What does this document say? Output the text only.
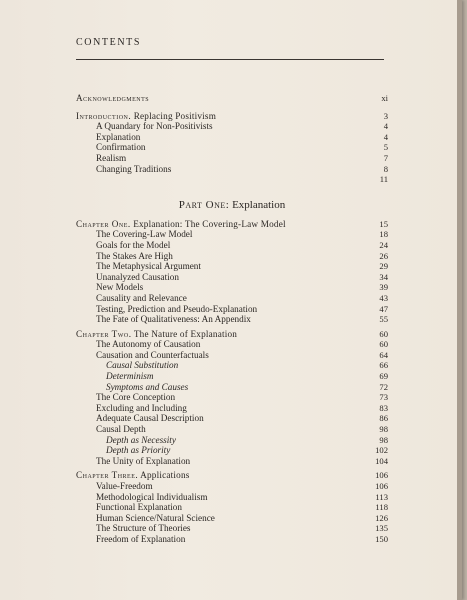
CONTENTS
Acknowledgments	xi
Introduction. Replacing Positivism	3
A Quandary for Non-Positivists	4
Explanation	4
Confirmation	5
Realism	7
Changing Traditions	8
11
Part One: Explanation
Chapter One. Explanation: The Covering-Law Model	15
The Covering-Law Model	18
Goals for the Model	24
The Stakes Are High	26
The Metaphysical Argument	29
Unanalyzed Causation	34
New Models	39
Causality and Relevance	43
Testing, Prediction and Pseudo-Explanation	47
The Fate of Qualitativeness: An Appendix	55
Chapter Two. The Nature of Explanation	60
The Autonomy of Causation	60
Causation and Counterfactuals	64
Causal Substitution	66
Determinism	69
Symptoms and Causes	72
The Core Conception	73
Excluding and Including	83
Adequate Causal Description	86
Causal Depth	98
Depth as Necessity	98
Depth as Priority	102
The Unity of Explanation	104
Chapter Three. Applications	106
Value-Freedom	106
Methodological Individualism	113
Functional Explanation	118
Human Science/Natural Science	126
The Structure of Theories	135
Freedom of Explanation	150
